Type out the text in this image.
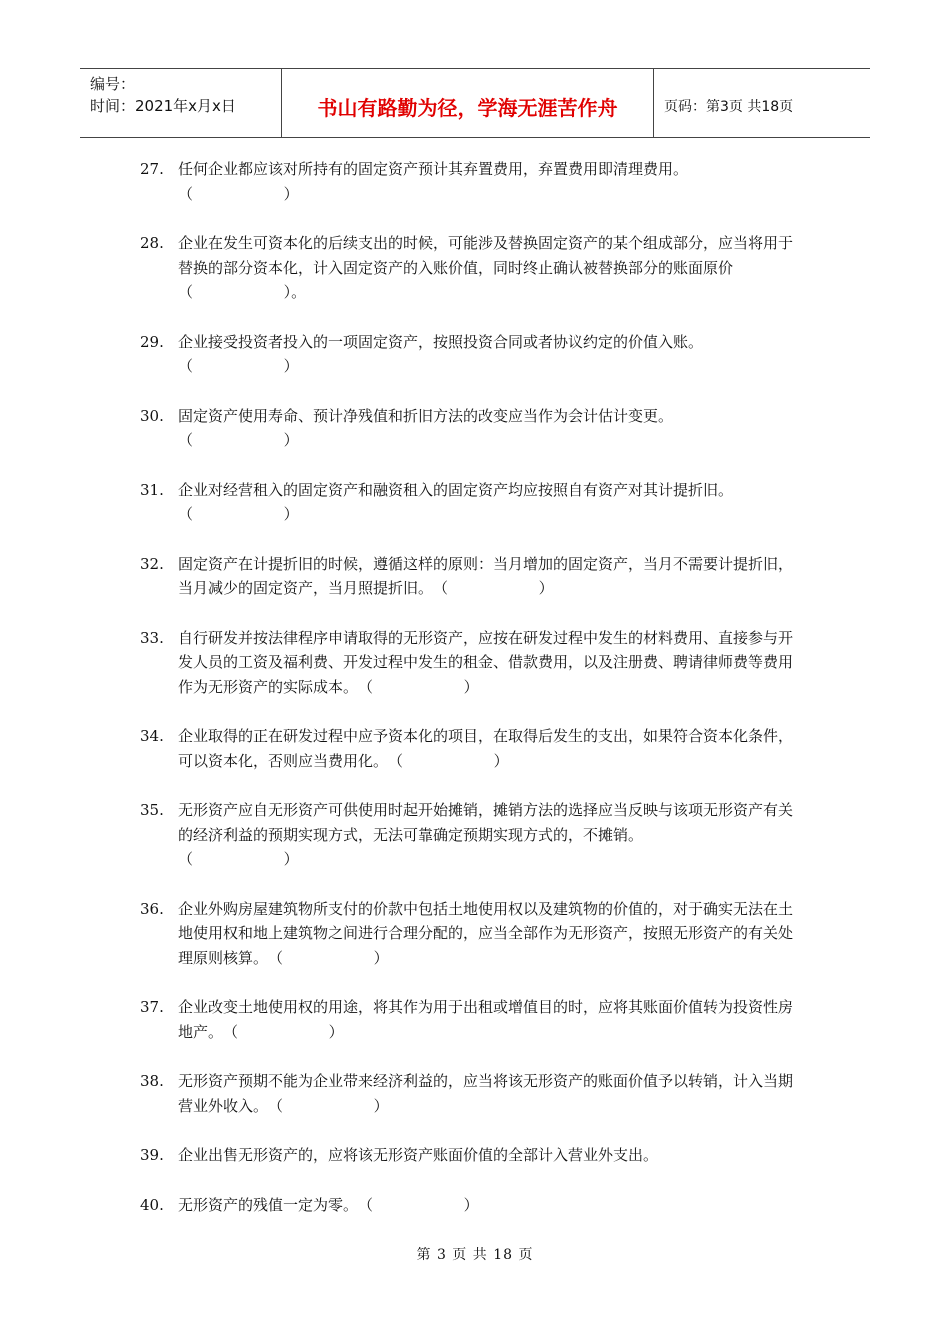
编号：
时间：2021年x月x日	书山有路勤为径，学海无涯苦作舟	页码：第3页 共18页
27. 任何企业都应该对所持有的固定资产预计其弃置费用，弃置费用即清理费用。
（                   ）
28. 企业在发生可资本化的后续支出的时候，可能涉及替换固定资产的某个组成部分，应当将用于替换的部分资本化，计入固定资产的入账价值，同时终止确认被替换部分的账面原价（                   ）。
29. 企业接受投资者投入的一项固定资产，按照投资合同或者协议约定的价值入账。
（                   ）
30. 固定资产使用寿命、预计净残值和折旧方法的改变应当作为会计估计变更。
（                   ）
31. 企业对经营租入的固定资产和融资租入的固定资产均应按照自有资产对其计提折旧。
（                   ）
32. 固定资产在计提折旧的时候，遵循这样的原则：当月增加的固定资产，当月不需要计提折旧，当月减少的固定资产，当月照提折旧。（                   ）
33. 自行研发并按法律程序申请取得的无形资产，应按在研发过程中发生的材料费用、直接参与开发人员的工资及福利费、开发过程中发生的租金、借款费用，以及注册费、聘请律师费等费用作为无形资产的实际成本。（                   ）
34. 企业取得的正在研发过程中应予资本化的项目，在取得后发生的支出，如果符合资本化条件，可以资本化，否则应当费用化。（                   ）
35. 无形资产应自无形资产可供使用时起开始摊销，摊销方法的选择应当反映与该项无形资产有关的经济利益的预期实现方式，无法可靠确定预期实现方式的，不摊销。
（                   ）
36. 企业外购房屋建筑物所支付的价款中包括土地使用权以及建筑物的价值的，对于确实无法在土地使用权和地上建筑物之间进行合理分配的，应当全部作为无形资产，按照无形资产的有关处理原则核算。（                   ）
37. 企业改变土地使用权的用途，将其作为用于出租或增值目的时，应将其账面价值转为投资性房地产。（                   ）
38. 无形资产预期不能为企业带来经济利益的，应当将该无形资产的账面价值予以转销，计入当期营业外收入。（                   ）
39. 企业出售无形资产的，应将该无形资产账面价值的全部计入营业外支出。
40. 无形资产的残值一定为零。（                   ）
第 3 页 共 18 页
